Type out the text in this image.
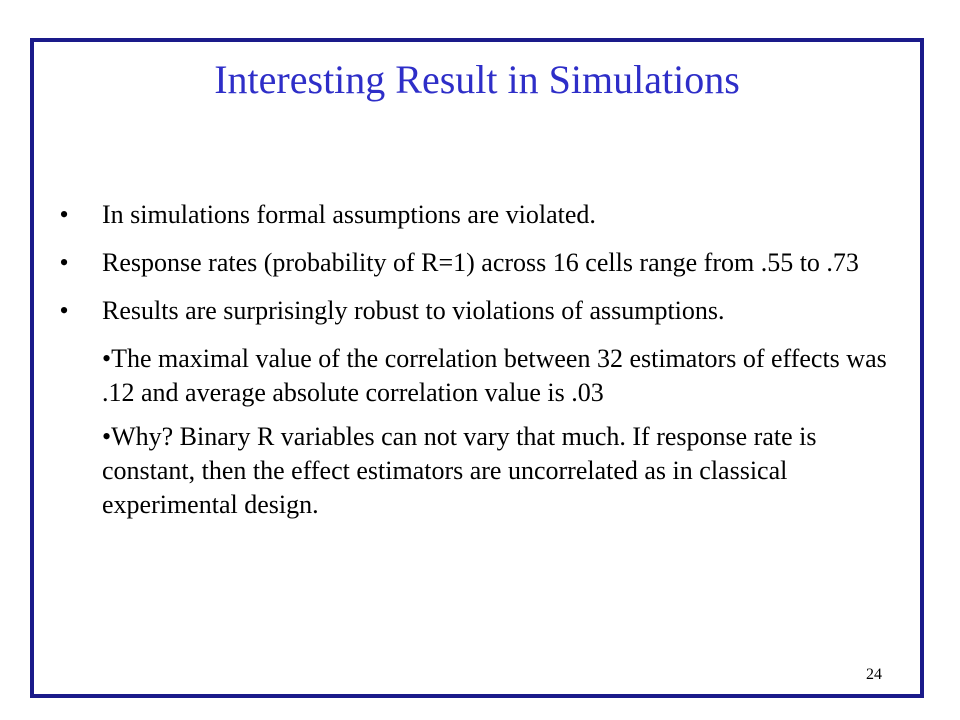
Interesting Result in Simulations
• In simulations formal assumptions are violated.
• Response rates (probability of R=1) across 16 cells range from .55 to .73
• Results are surprisingly robust to violations of assumptions.
•The maximal value of the correlation between 32 estimators of effects was .12 and average absolute correlation value is .03
•Why? Binary R variables can not vary that much. If response rate is constant, then the effect estimators are uncorrelated as in classical experimental design.
24
